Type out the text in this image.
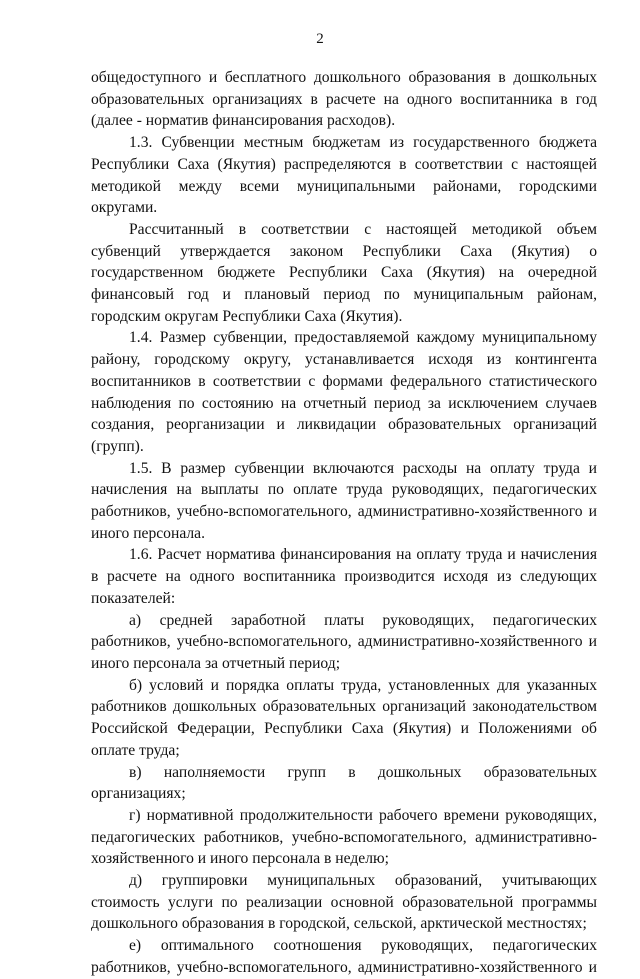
2

общедоступного и бесплатного дошкольного образования в дошкольных образовательных организациях в расчете на одного воспитанника в год (далее - норматив финансирования расходов).

1.3. Субвенции местным бюджетам из государственного бюджета Республики Саха (Якутия) распределяются в соответствии с настоящей методикой между всеми муниципальными районами, городскими округами.

Рассчитанный в соответствии с настоящей методикой объем субвенций утверждается законом Республики Саха (Якутия) о государственном бюджете Республики Саха (Якутия) на очередной финансовый год и плановый период по муниципальным районам, городским округам Республики Саха (Якутия).

1.4. Размер субвенции, предоставляемой каждому муниципальному району, городскому округу, устанавливается исходя из контингента воспитанников в соответствии с формами федерального статистического наблюдения по состоянию на отчетный период за исключением случаев создания, реорганизации и ликвидации образовательных организаций (групп).

1.5. В размер субвенции включаются расходы на оплату труда и начисления на выплаты по оплате труда руководящих, педагогических работников, учебно-вспомогательного, административно-хозяйственного и иного персонала.

1.6. Расчет норматива финансирования на оплату труда и начисления в расчете на одного воспитанника производится исходя из следующих показателей:

а) средней заработной платы руководящих, педагогических работников, учебно-вспомогательного, административно-хозяйственного и иного персонала за отчетный период;

б) условий и порядка оплаты труда, установленных для указанных работников дошкольных образовательных организаций законодательством Российской Федерации, Республики Саха (Якутия) и Положениями об оплате труда;

в) наполняемости групп в дошкольных образовательных организациях;

г) нормативной продолжительности рабочего времени руководящих, педагогических работников, учебно-вспомогательного, административно-хозяйственного и иного персонала в неделю;

д) группировки муниципальных образований, учитывающих стоимость услуги по реализации основной образовательной программы дошкольного образования в городской, сельской, арктической местностях;

е) оптимального соотношения руководящих, педагогических работников, учебно-вспомогательного, административно-хозяйственного и
